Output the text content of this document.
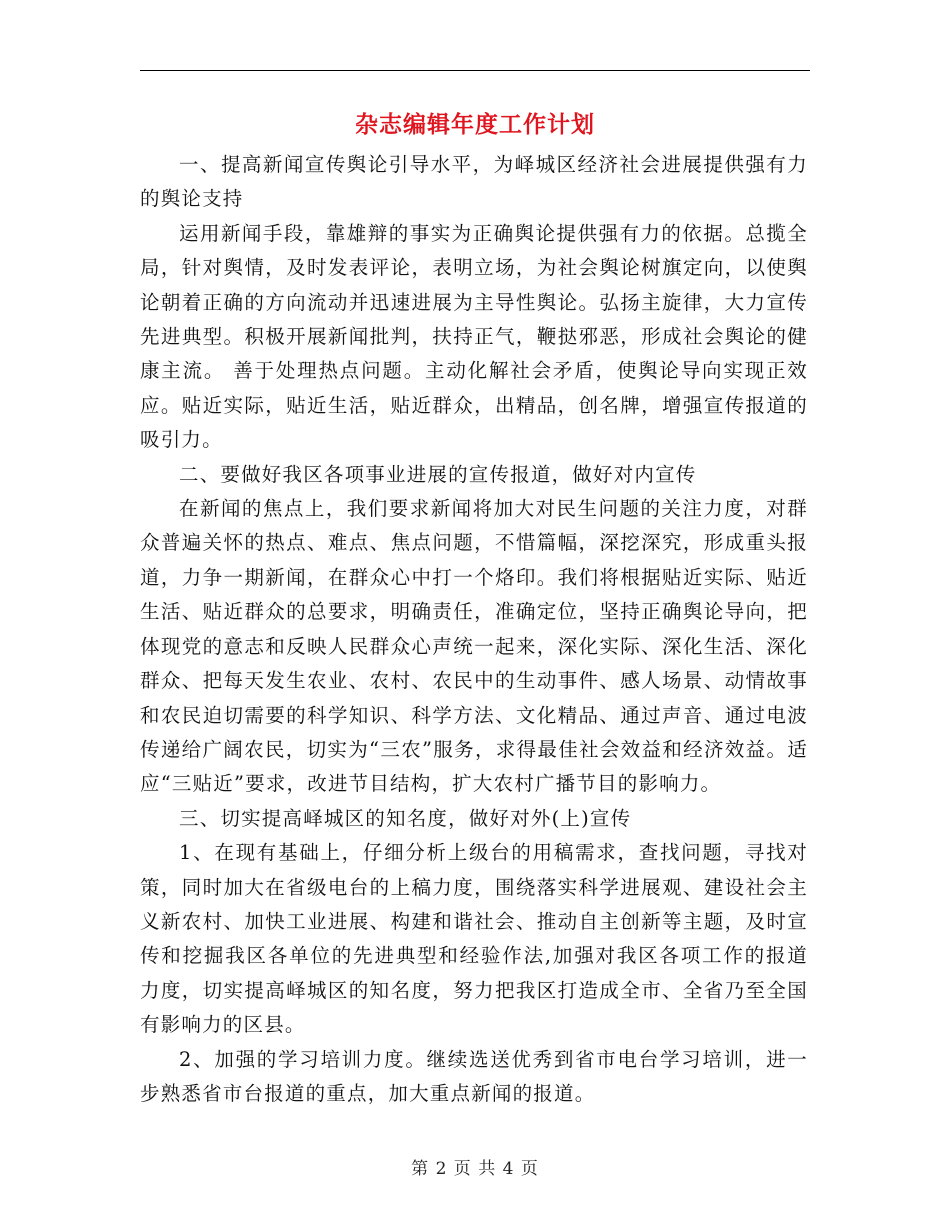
杂志编辑年度工作计划

一、提高新闻宣传舆论引导水平，为峄城区经济社会进展提供强有力的舆论支持

运用新闻手段，靠雄辩的事实为正确舆论提供强有力的依据。总揽全局，针对舆情，及时发表评论，表明立场，为社会舆论树旗定向，以使舆论朝着正确的方向流动并迅速进展为主导性舆论。弘扬主旋律，大力宣传先进典型。积极开展新闻批判，扶持正气，鞭挞邪恶，形成社会舆论的健康主流。 善于处理热点问题。主动化解社会矛盾，使舆论导向实现正效应。贴近实际，贴近生活，贴近群众，出精品，创名牌，增强宣传报道的吸引力。

二、要做好我区各项事业进展的宣传报道，做好对内宣传

在新闻的焦点上，我们要求新闻将加大对民生问题的关注力度，对群众普遍关怀的热点、难点、焦点问题，不惜篇幅，深挖深究，形成重头报道，力争一期新闻，在群众心中打一个烙印。我们将根据贴近实际、贴近生活、贴近群众的总要求，明确责任，准确定位，坚持正确舆论导向，把体现党的意志和反映人民群众心声统一起来，深化实际、深化生活、深化群众、把每天发生农业、农村、农民中的生动事件、感人场景、动情故事和农民迫切需要的科学知识、科学方法、文化精品、通过声音、通过电波传递给广阔农民，切实为“三农”服务，求得最佳社会效益和经济效益。适应“三贴近”要求，改进节目结构，扩大农村广播节目的影响力。

三、切实提高峄城区的知名度，做好对外(上)宣传

1、在现有基础上，仔细分析上级台的用稿需求，查找问题，寻找对策，同时加大在省级电台的上稿力度，围绕落实科学进展观、建设社会主义新农村、加快工业进展、构建和谐社会、推动自主创新等主题，及时宣传和挖掘我区各单位的先进典型和经验作法,加强对我区各项工作的报道力度，切实提高峄城区的知名度，努力把我区打造成全市、全省乃至全国有影响力的区县。

2、加强的学习培训力度。继续选送优秀到省市电台学习培训，进一步熟悉省市台报道的重点，加大重点新闻的报道。

第 2 页 共 4 页
